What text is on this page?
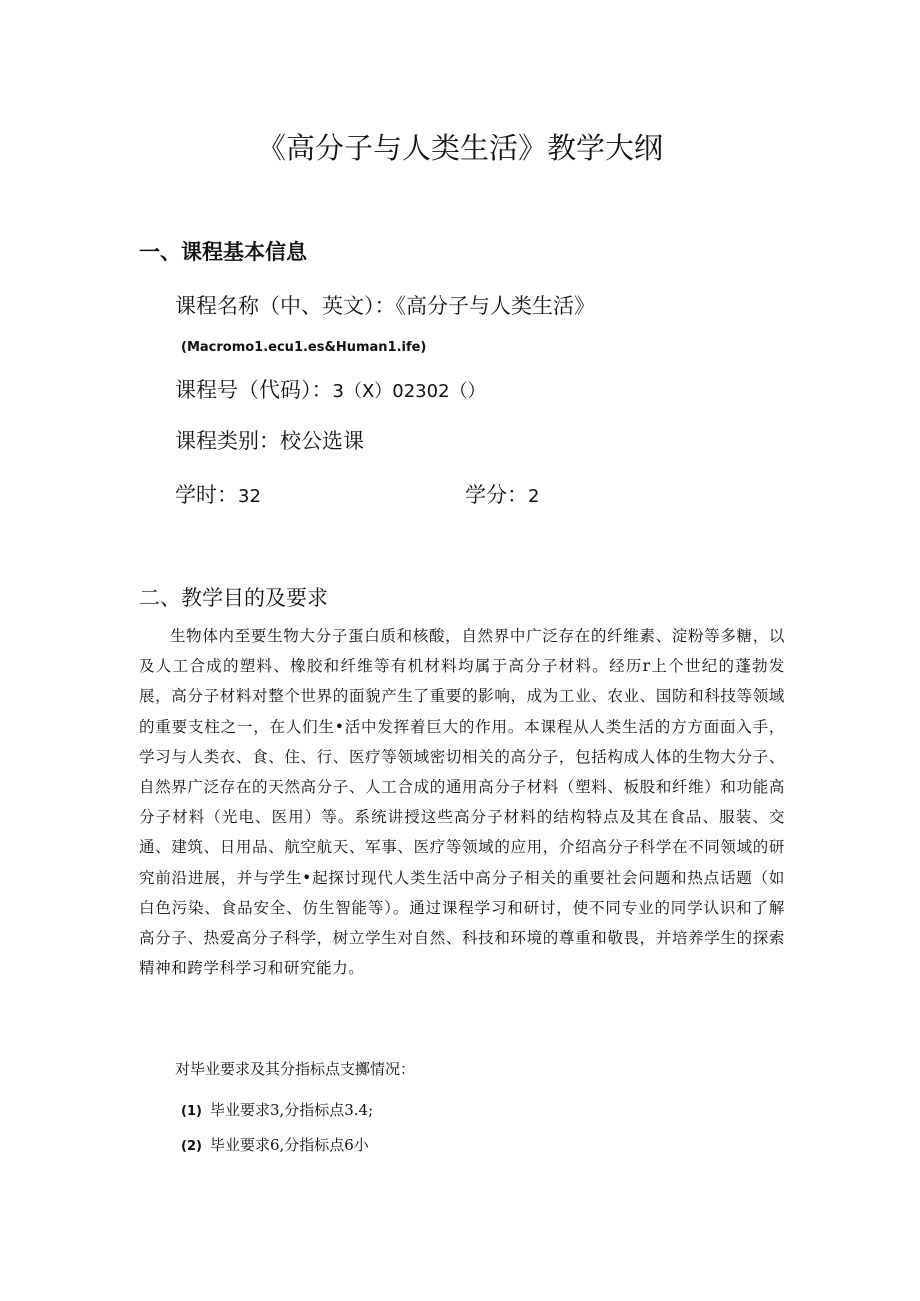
《高分子与人类生活》教学大纲
一、课程基本信息
课程名称（中、英文）：《高分子与人类生活》
(Macromo1.ecu1.es&Human1.ife)
课程号（代码）：3（X）02302（）
课程类别：校公选课
学时：32	学分：2
二、教学目的及要求
生物体内至要生物大分子蛋白质和核酸，自然界中广泛存在的纤维素、淀粉等多糖，以及人工合成的塑料、橡胶和纤维等有机材料均属于高分子材料。经历r上个世纪的蓬勃发展，高分子材料对整个世界的面貌产生了重要的影响，成为工业、农业、国防和科技等领域的重要支柱之一，在人们生•活中发挥着巨大的作用。本课程从人类生活的方方面面入手，学习与人类衣、食、住、行、医疗等领域密切相关的高分子，包括构成人体的生物大分子、自然界广泛存在的天然高分子、人工合成的通用高分子材料（塑料、板股和纤维）和功能高分子材料（光电、医用）等。系统讲授这些高分子材料的结构特点及其在食品、服装、交通、建筑、日用品、航空航天、军事、医疗等领域的应用，介绍高分子科学在不同领域的研究前沿进展，并与学生•起探讨现代人类生活中高分子相关的重要社会问题和热点话题（如白色污染、食品安全、仿生智能等）。通过课程学习和研讨，使不同专业的同学认识和了解高分子、热爱高分子科学，树立学生对自然、科技和环境的尊重和敬畏，并培养学生的探索精神和跨学科学习和研究能力。
对毕业要求及其分指标点支擲情况：
(1) 毕业要求3,分指标点3.4;
(2) 毕业要求6,分指标点6小
